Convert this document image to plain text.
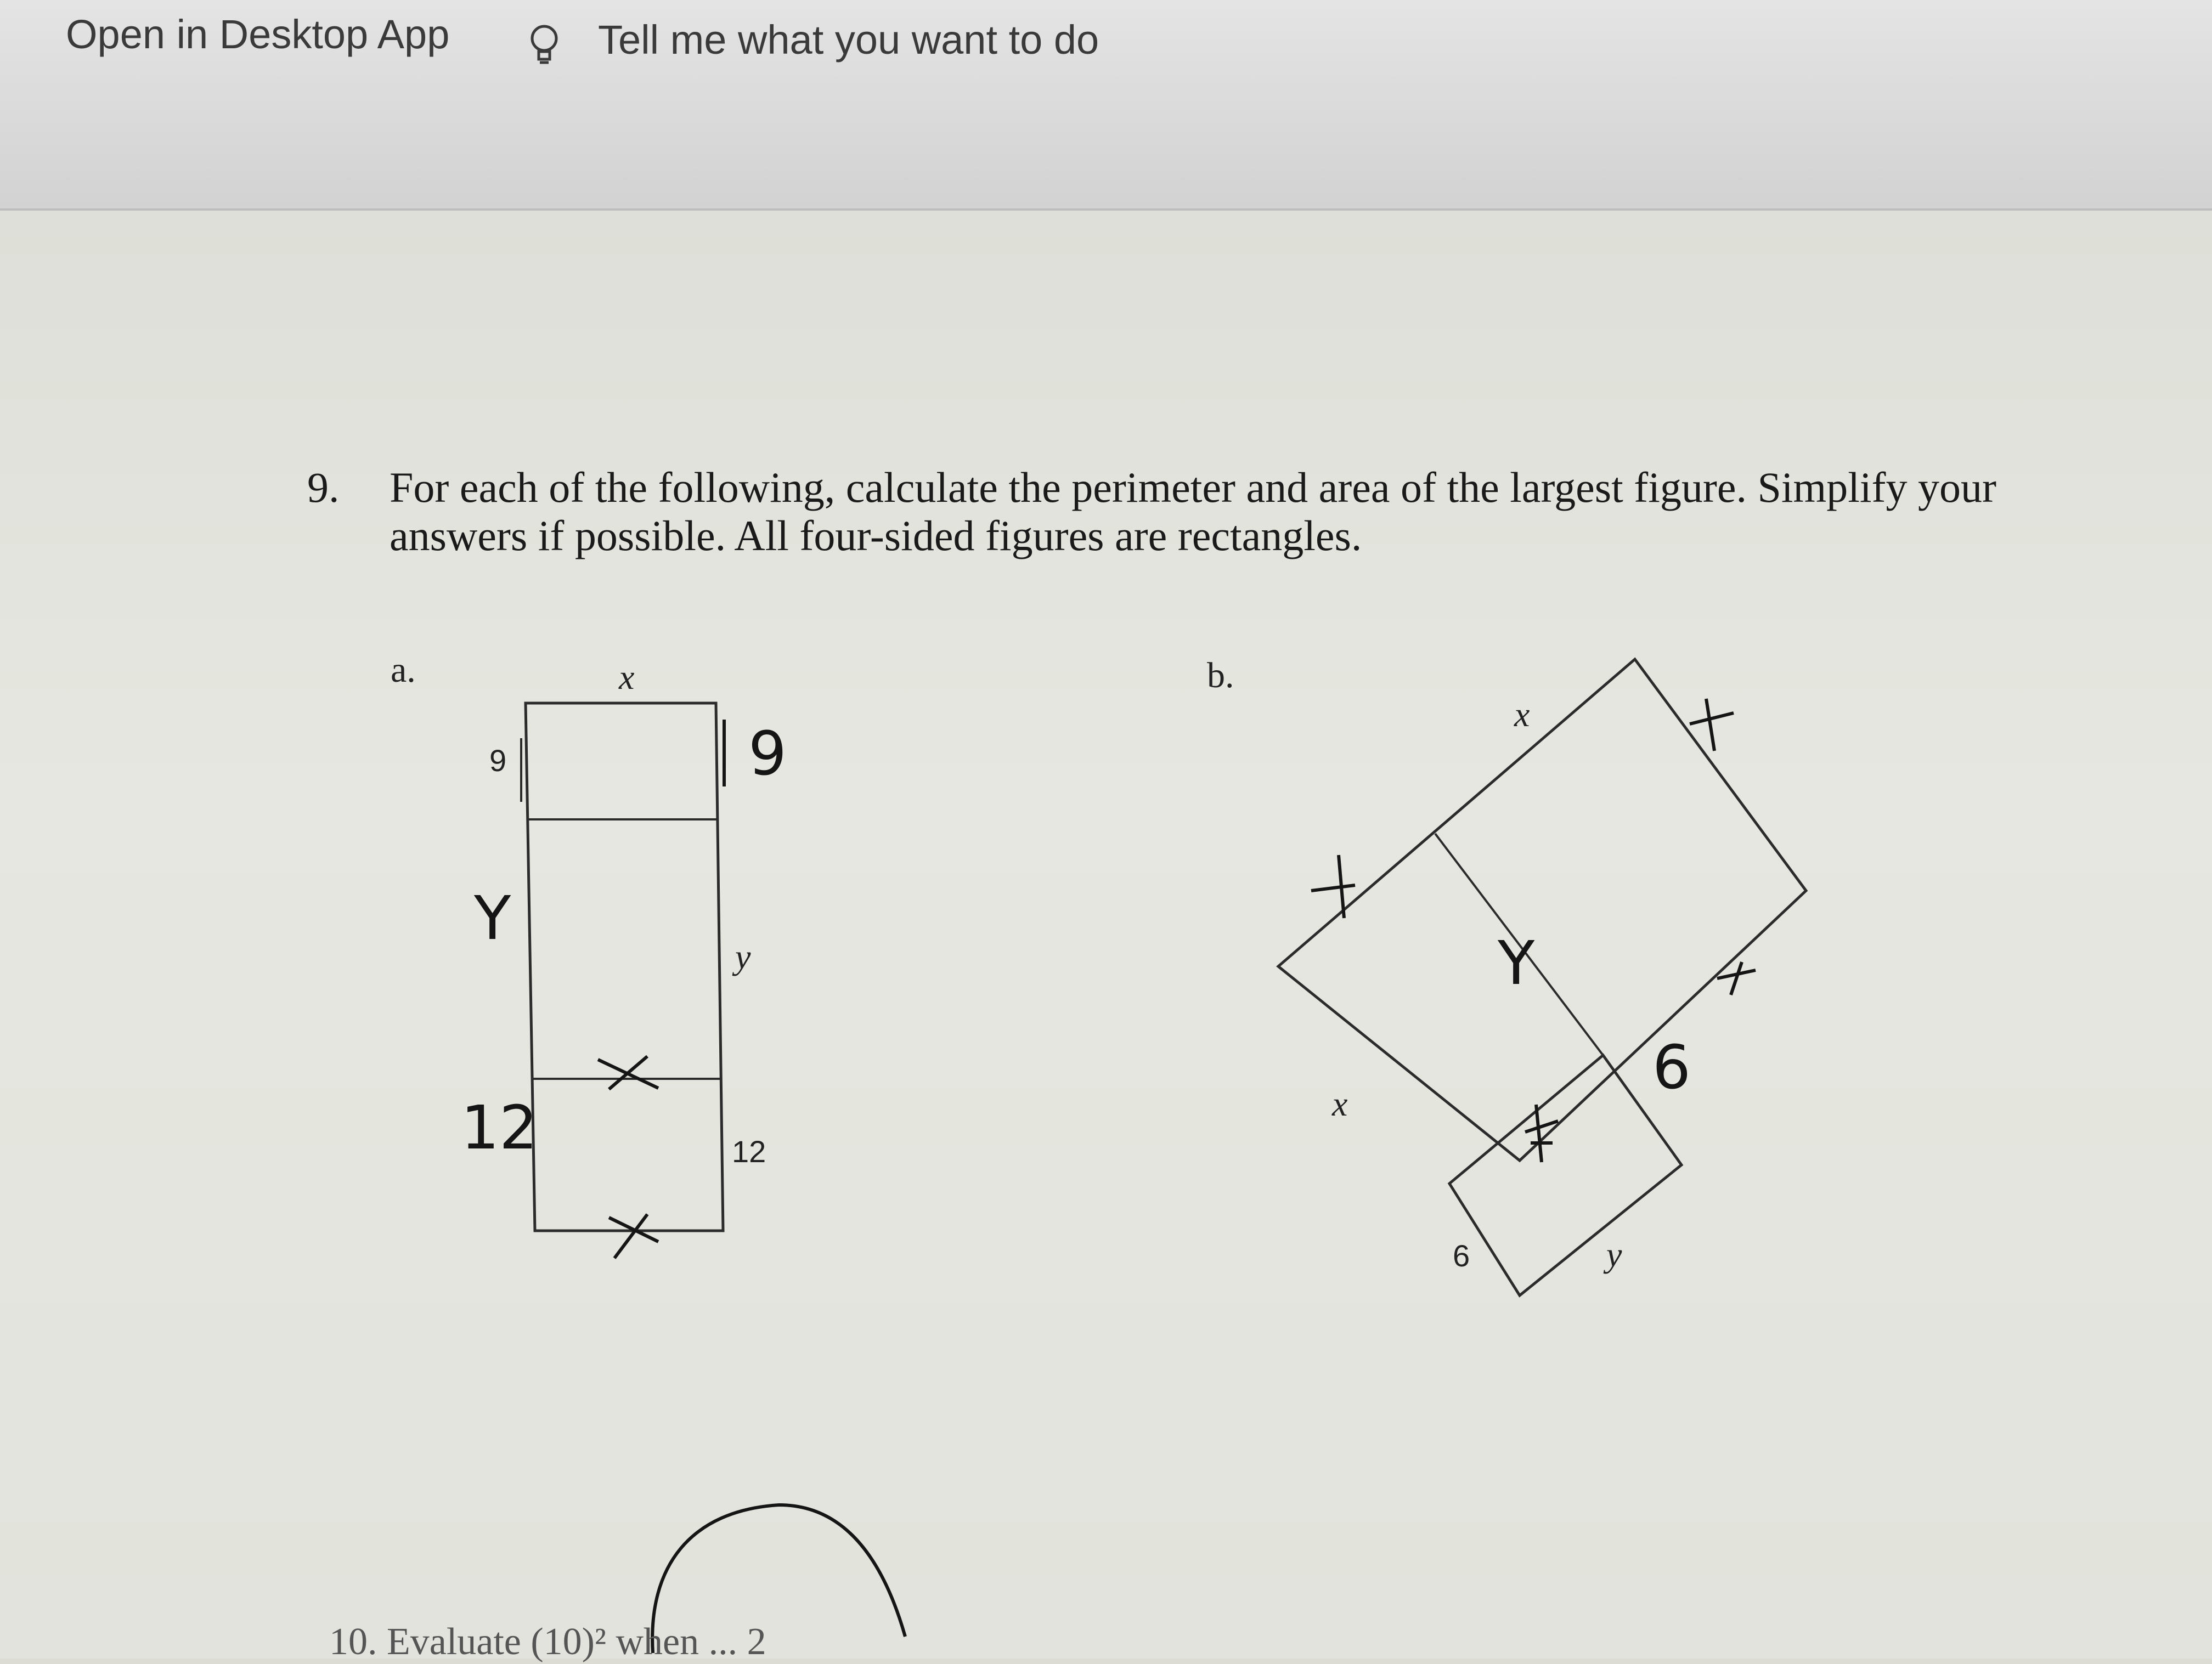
Open in Desktop App	Tell me what you want to do
9. For each of the following, calculate the perimeter and area of the largest figure. Simplify your
answers if possible. All four-sided figures are rectangles.
a.	b.
x
9
y
12
9
Y
12
x
x
6	y
Y
6
10. Evaluate (10)² when ... 2
